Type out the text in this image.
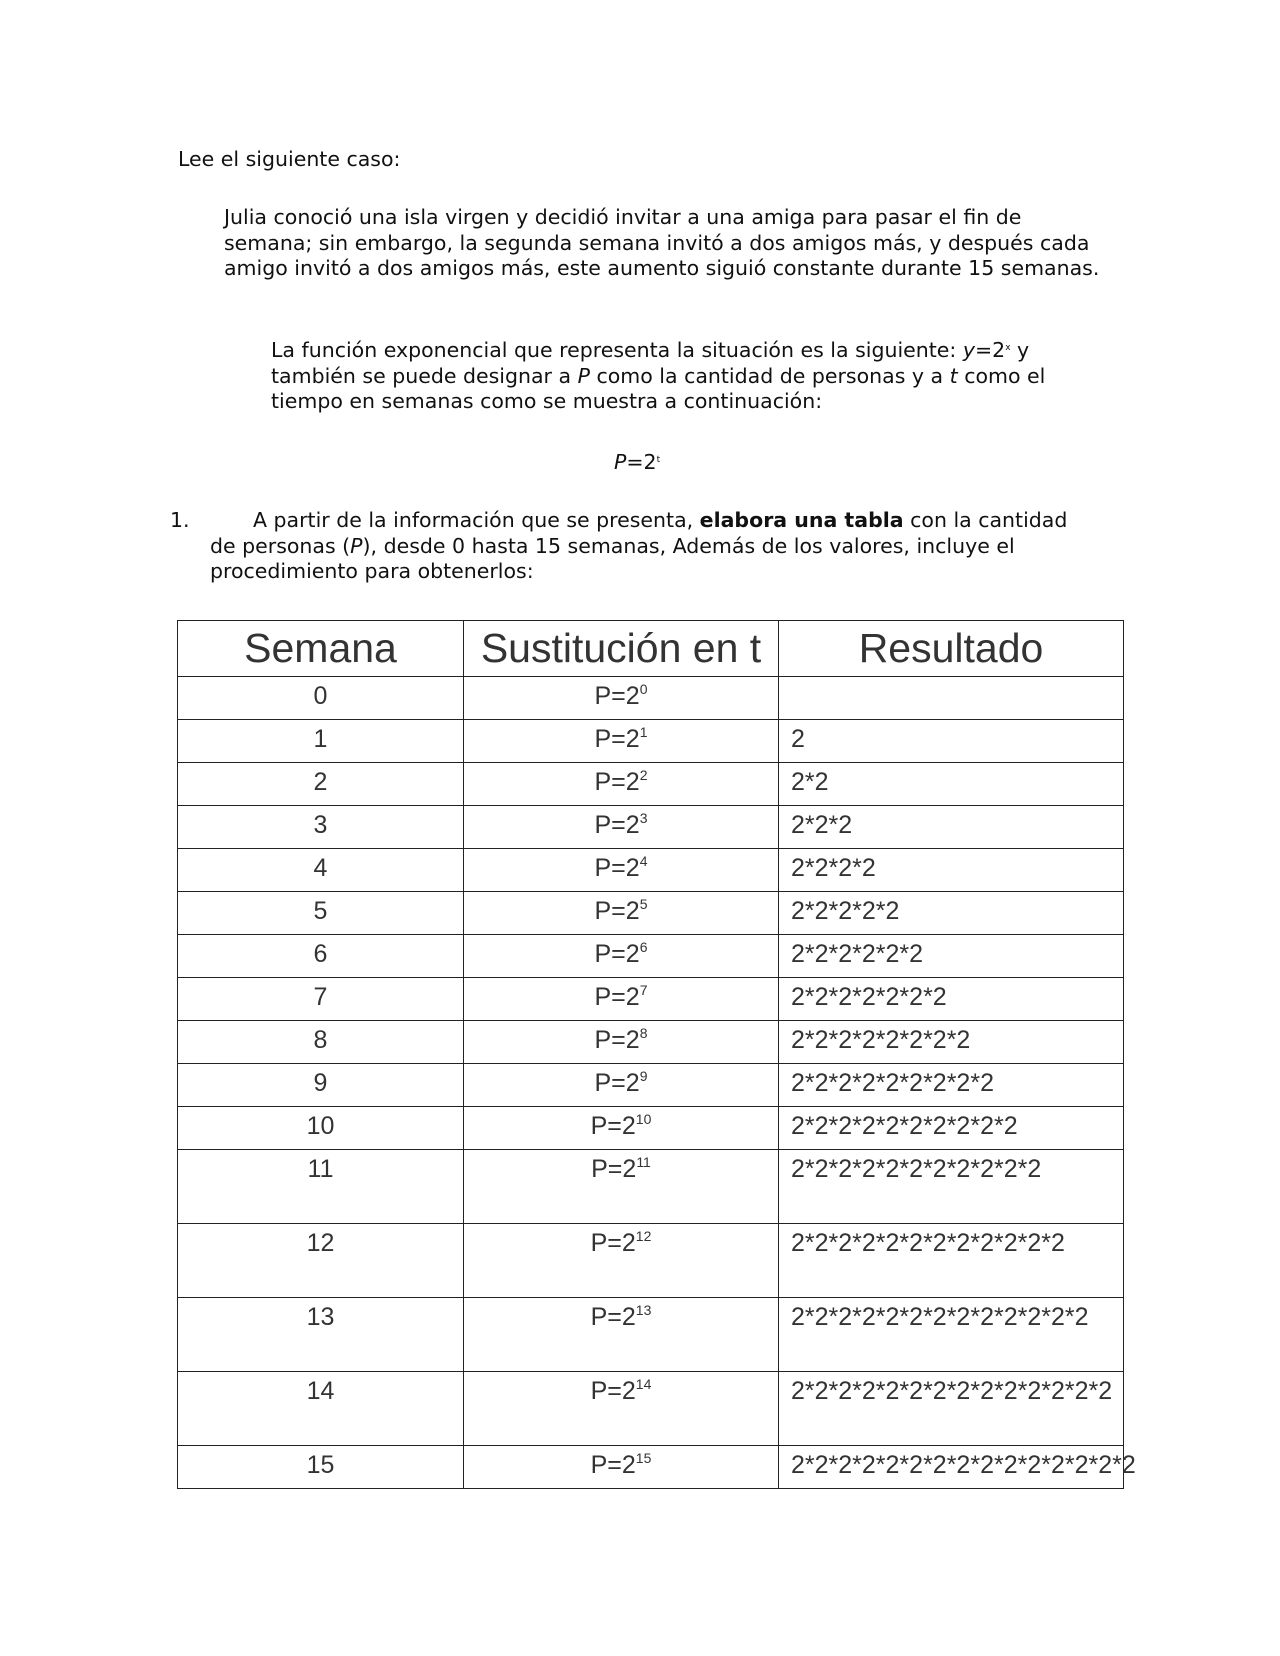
Lee el siguiente caso:

Julia conoció una isla virgen y decidió invitar a una amiga para pasar el fin de semana; sin embargo, la segunda semana invitó a dos amigos más, y después cada amigo invitó a dos amigos más, este aumento siguió constante durante 15 semanas.

La función exponencial que representa la situación es la siguiente: $y=2^x$ y también se puede designar a P como la cantidad de personas y a t como el tiempo en semanas como se muestra a continuación:

$P=2^t$

1.	A partir de la información que se presenta, elabora una tabla con la cantidad de personas (P), desde 0 hasta 15 semanas, Además de los valores, incluye el procedimiento para obtenerlos:

Semana	Sustitución en t	Resultado
0	$P=2^0$	
1	$P=2^1$	2
2	$P=2^2$	2*2
3	$P=2^3$	2*2*2
4	$P=2^4$	2*2*2*2
5	$P=2^5$	2*2*2*2*2
6	$P=2^6$	2*2*2*2*2*2
7	$P=2^7$	2*2*2*2*2*2*2
8	$P=2^8$	2*2*2*2*2*2*2*2
9	$P=2^9$	2*2*2*2*2*2*2*2*2
10	$P=2^{10}$	2*2*2*2*2*2*2*2*2*2
11	$P=2^{11}$	2*2*2*2*2*2*2*2*2*2*2
12	$P=2^{12}$	2*2*2*2*2*2*2*2*2*2*2*2
13	$P=2^{13}$	2*2*2*2*2*2*2*2*2*2*2*2*2
14	$P=2^{14}$	2*2*2*2*2*2*2*2*2*2*2*2*2*2
15	$P=2^{15}$	2*2*2*2*2*2*2*2*2*2*2*2*2*2*2
